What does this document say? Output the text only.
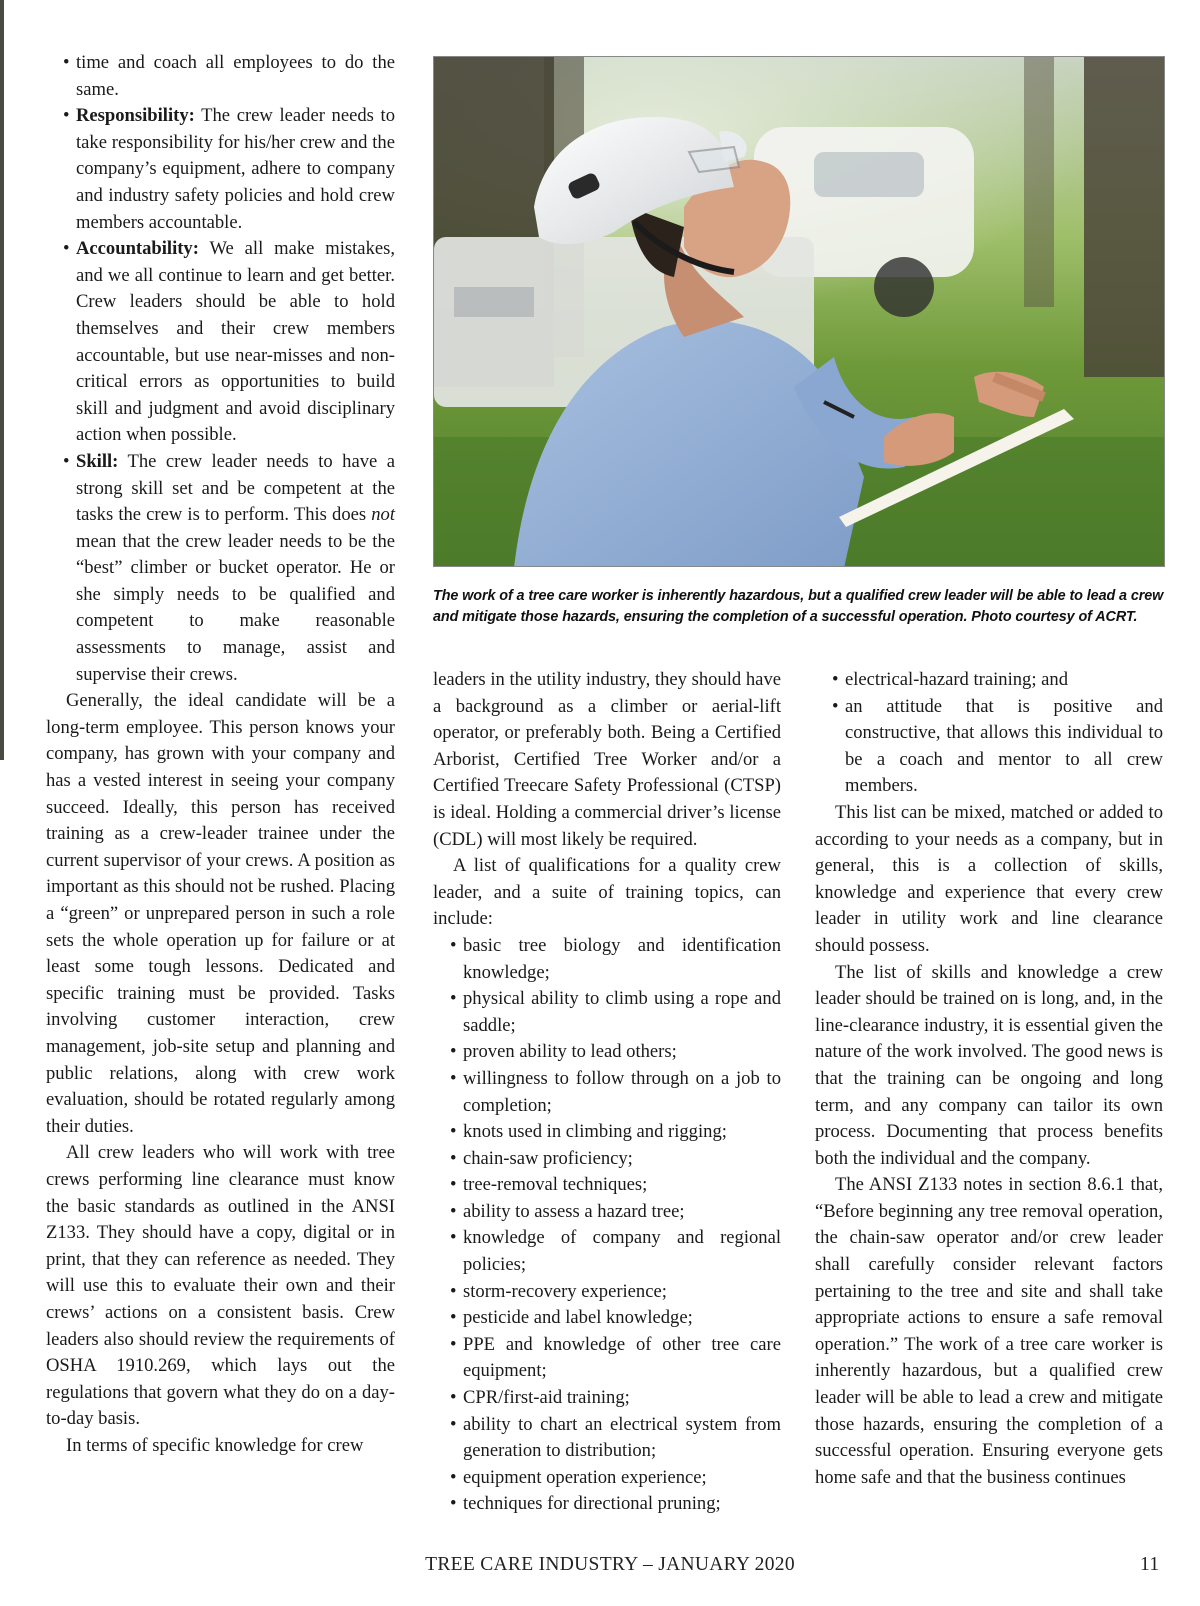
• time and coach all employees to do the same.
• Responsibility: The crew leader needs to take responsibility for his/her crew and the company’s equipment, adhere to company and industry safety policies and hold crew members accountable.
• Accountability: We all make mistakes, and we all continue to learn and get better. Crew leaders should be able to hold themselves and their crew members accountable, but use near-misses and non-critical errors as opportunities to build skill and judgment and avoid disciplinary action when possible.
• Skill: The crew leader needs to have a strong skill set and be competent at the tasks the crew is to perform. This does not mean that the crew leader needs to be the “best” climber or bucket operator. He or she simply needs to be qualified and competent to make reasonable assessments to manage, assist and supervise their crews.

Generally, the ideal candidate will be a long-term employee. This person knows your company, has grown with your company and has a vested interest in seeing your company succeed. Ideally, this person has received training as a crew-leader trainee under the current supervisor of your crews. A position as important as this should not be rushed. Placing a “green” or unprepared person in such a role sets the whole operation up for failure or at least some tough lessons. Dedicated and specific training must be provided. Tasks involving customer interaction, crew management, job-site setup and planning and public relations, along with crew work evaluation, should be rotated regularly among their duties.

All crew leaders who will work with tree crews performing line clearance must know the basic standards as outlined in the ANSI Z133. They should have a copy, digital or in print, that they can reference as needed. They will use this to evaluate their own and their crews’ actions on a consistent basis. Crew leaders also should review the requirements of OSHA 1910.269, which lays out the regulations that govern what they do on a day-to-day basis.

In terms of specific knowledge for crew

The work of a tree care worker is inherently hazardous, but a qualified crew leader will be able to lead a crew and mitigate those hazards, ensuring the completion of a successful operation. Photo courtesy of ACRT.

leaders in the utility industry, they should have a background as a climber or aerial-lift operator, or preferably both. Being a Certified Arborist, Certified Tree Worker and/or a Certified Treecare Safety Professional (CTSP) is ideal. Holding a commercial driver’s license (CDL) will most likely be required.

A list of qualifications for a quality crew leader, and a suite of training topics, can include:

• basic tree biology and identification knowledge;
• physical ability to climb using a rope and saddle;
• proven ability to lead others;
• willingness to follow through on a job to completion;
• knots used in climbing and rigging;
• chain-saw proficiency;
• tree-removal techniques;
• ability to assess a hazard tree;
• knowledge of company and regional policies;
• storm-recovery experience;
• pesticide and label knowledge;
• PPE and knowledge of other tree care equipment;
• CPR/first-aid training;
• ability to chart an electrical system from generation to distribution;
• equipment operation experience;
• techniques for directional pruning;
• electrical-hazard training; and
• an attitude that is positive and constructive, that allows this individual to be a coach and mentor to all crew members.

This list can be mixed, matched or added to according to your needs as a company, but in general, this is a collection of skills, knowledge and experience that every crew leader in utility work and line clearance should possess.

The list of skills and knowledge a crew leader should be trained on is long, and, in the line-clearance industry, it is essential given the nature of the work involved. The good news is that the training can be ongoing and long term, and any company can tailor its own process. Documenting that process benefits both the individual and the company.

The ANSI Z133 notes in section 8.6.1 that, “Before beginning any tree removal operation, the chain-saw operator and/or crew leader shall carefully consider relevant factors pertaining to the tree and site and shall take appropriate actions to ensure a safe removal operation.” The work of a tree care worker is inherently hazardous, but a qualified crew leader will be able to lead a crew and mitigate those hazards, ensuring the completion of a successful operation. Ensuring everyone gets home safe and that the business continues

TREE CARE INDUSTRY – JANUARY 2020	11
